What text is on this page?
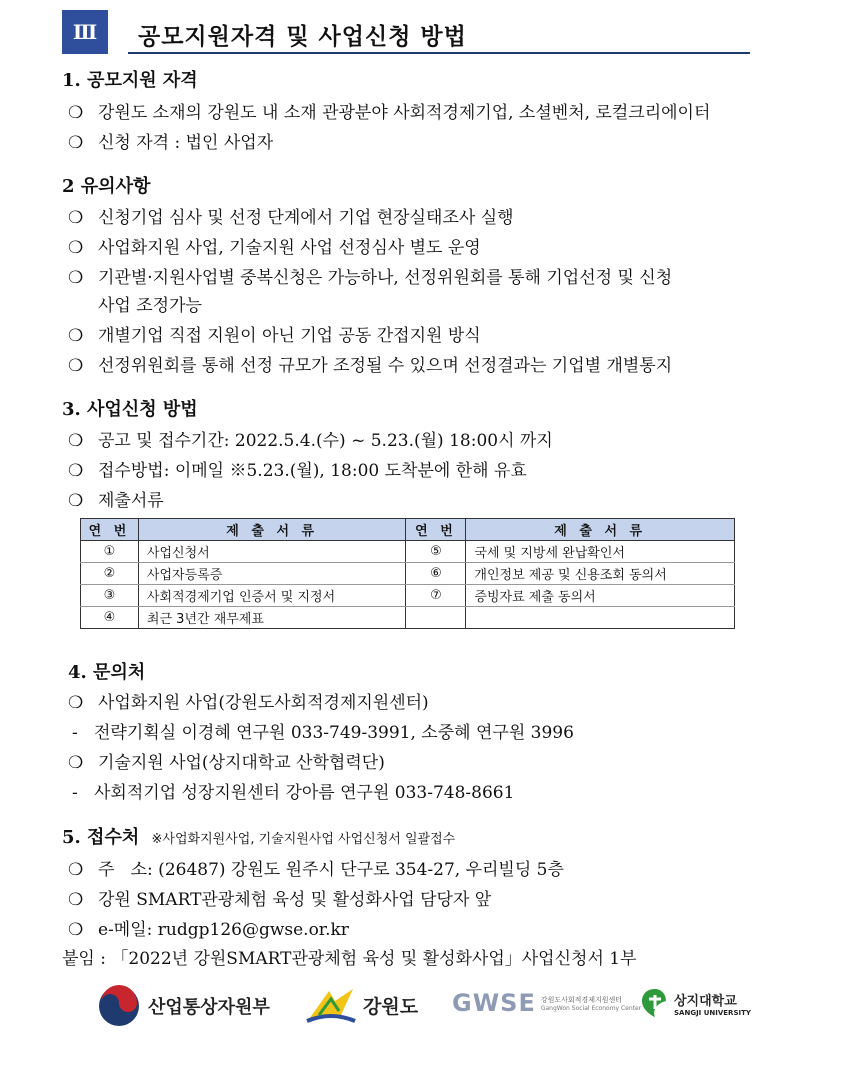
Ⅲ	공모지원자격 및 사업신청 방법
1. 공모지원 자격
❍ 강원도 소재의 강원도 내 소재 관광분야 사회적경제기업, 소셜벤처, 로컬크리에이터
❍ 신청 자격 : 법인 사업자
2 유의사항
❍ 신청기업 심사 및 선정 단계에서 기업 현장실태조사 실행
❍ 사업화지원 사업, 기술지원 사업 선정심사 별도 운영
❍ 기관별·지원사업별 중복신청은 가능하나, 선정위원회를 통해 기업선정 및 신청
사업 조정가능
❍ 개별기업 직접 지원이 아닌 기업 공동 간접지원 방식
❍ 선정위원회를 통해 선정 규모가 조정될 수 있으며 선정결과는 기업별 개별통지
3. 사업신청 방법
❍ 공고 및 접수기간: 2022.5.4.(수) ~ 5.23.(월) 18:00시 까지
❍ 접수방법: 이메일 ※5.23.(월), 18:00 도착분에 한해 유효
❍ 제출서류
연 번	제 출 서 류	연 번	제 출 서 류
①	사업신청서	⑤	국세 및 지방세 완납확인서
②	사업자등록증	⑥	개인정보 제공 및 신용조회 동의서
③	사회적경제기업 인증서 및 지정서	⑦	증빙자료 제출 동의서
④	최근 3년간 재무제표		
4. 문의처
❍ 사업화지원 사업(강원도사회적경제지원센터)
- 전략기획실 이경혜 연구원 033-749-3991, 소중혜 연구원 3996
❍ 기술지원 사업(상지대학교 산학협력단)
- 사회적기업 성장지원센터 강아름 연구원 033-748-8661
5. 접수처 ※사업화지원사업, 기술지원사업 사업신청서 일괄접수
❍ 주   소: (26487) 강원도 원주시 단구로 354-27, 우리빌딩 5층
❍ 강원 SMART관광체험 육성 및 활성화사업 담당자 앞
❍ e-메일: rudgp126@gwse.or.kr
붙임 : 「2022년 강원SMART관광체험 육성 및 활성화사업」사업신청서 1부
산업통상자원부	강원도 GWSE 강원도사회적경제지원센터
GangWon Social Economy Center	상지대학교
SANGJI UNIVERSITY
